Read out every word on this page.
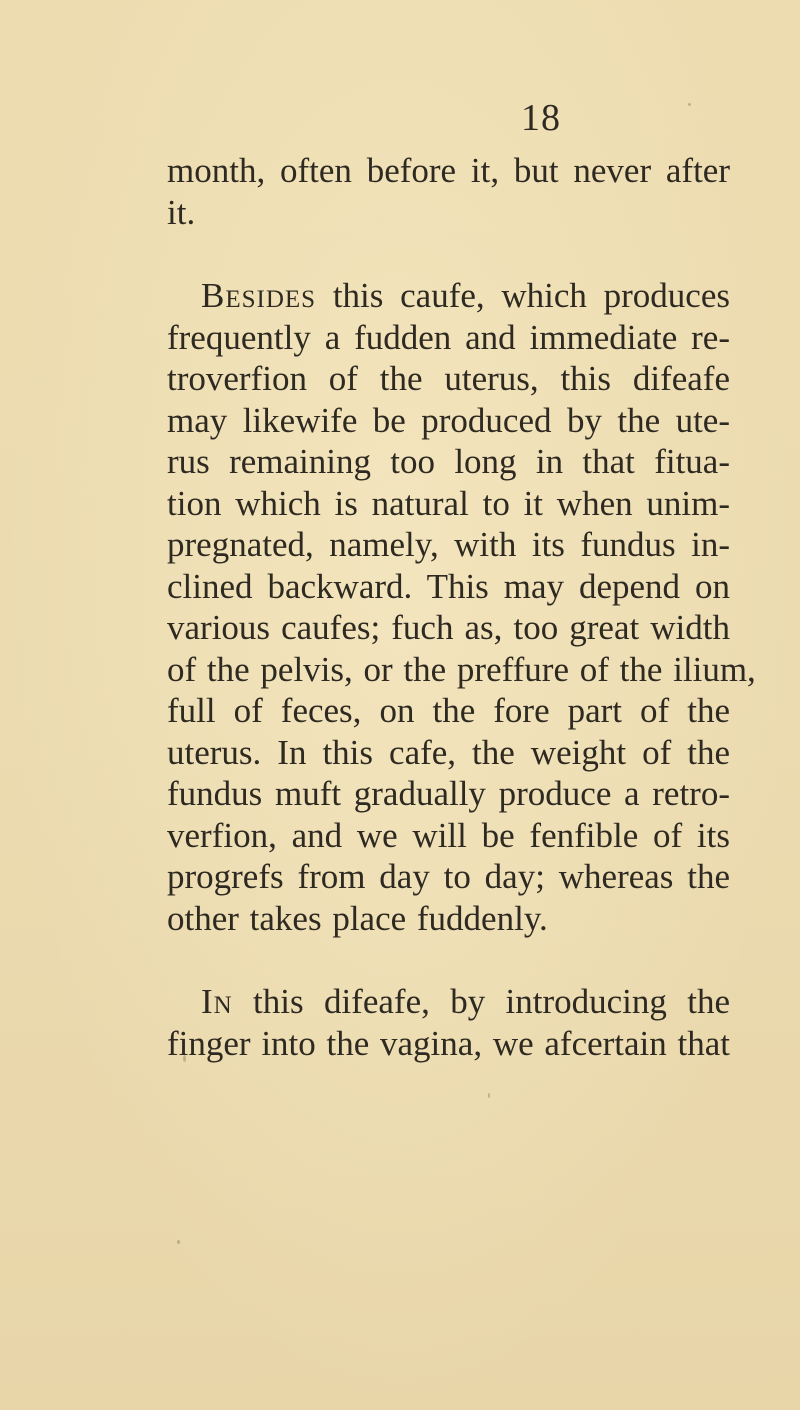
18
month, often before it, but never after
it.
Besides this caufe, which produces
frequently a fudden and immediate re-
troverfion of the uterus, this difeafe
may likewife be produced by the ute-
rus remaining too long in that fitua-
tion which is natural to it when unim-
pregnated, namely, with its fundus in-
clined backward. This may depend on
various caufes; fuch as, too great width
of the pelvis, or the preffure of the ilium,
full of feces, on the fore part of the
uterus. In this cafe, the weight of the
fundus muft gradually produce a retro-
verfion, and we will be fenfible of its
progrefs from day to day; whereas the
other takes place fuddenly.
In this difeafe, by introducing the
finger into the vagina, we afcertain that
